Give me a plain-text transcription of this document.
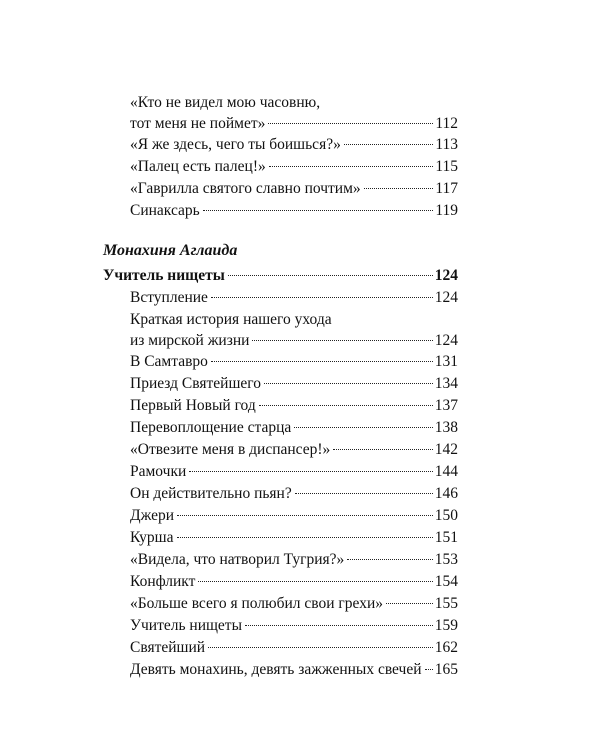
«Кто не видел мою часовню,
тот меня не поймет»	112
«Я же здесь, чего ты боишься?»	113
«Палец есть палец!»	115
«Гаврилла святого славно почтим»	117
Синаксарь	119
Монахиня Аглаида
Учитель нищеты	124
Вступление	124
Краткая история нашего ухода
из мирской жизни	124
В Самтавро	131
Приезд Святейшего	134
Первый Новый год	137
Перевоплощение старца	138
«Отвезите меня в диспансер!»	142
Рамочки	144
Он действительно пьян?	146
Джери	150
Курша	151
«Видела, что натворил Тугрия?»	153
Конфликт	154
«Больше всего я полюбил свои грехи»	155
Учитель нищеты	159
Святейший	162
Девять монахинь, девять зажженных свечей 165
